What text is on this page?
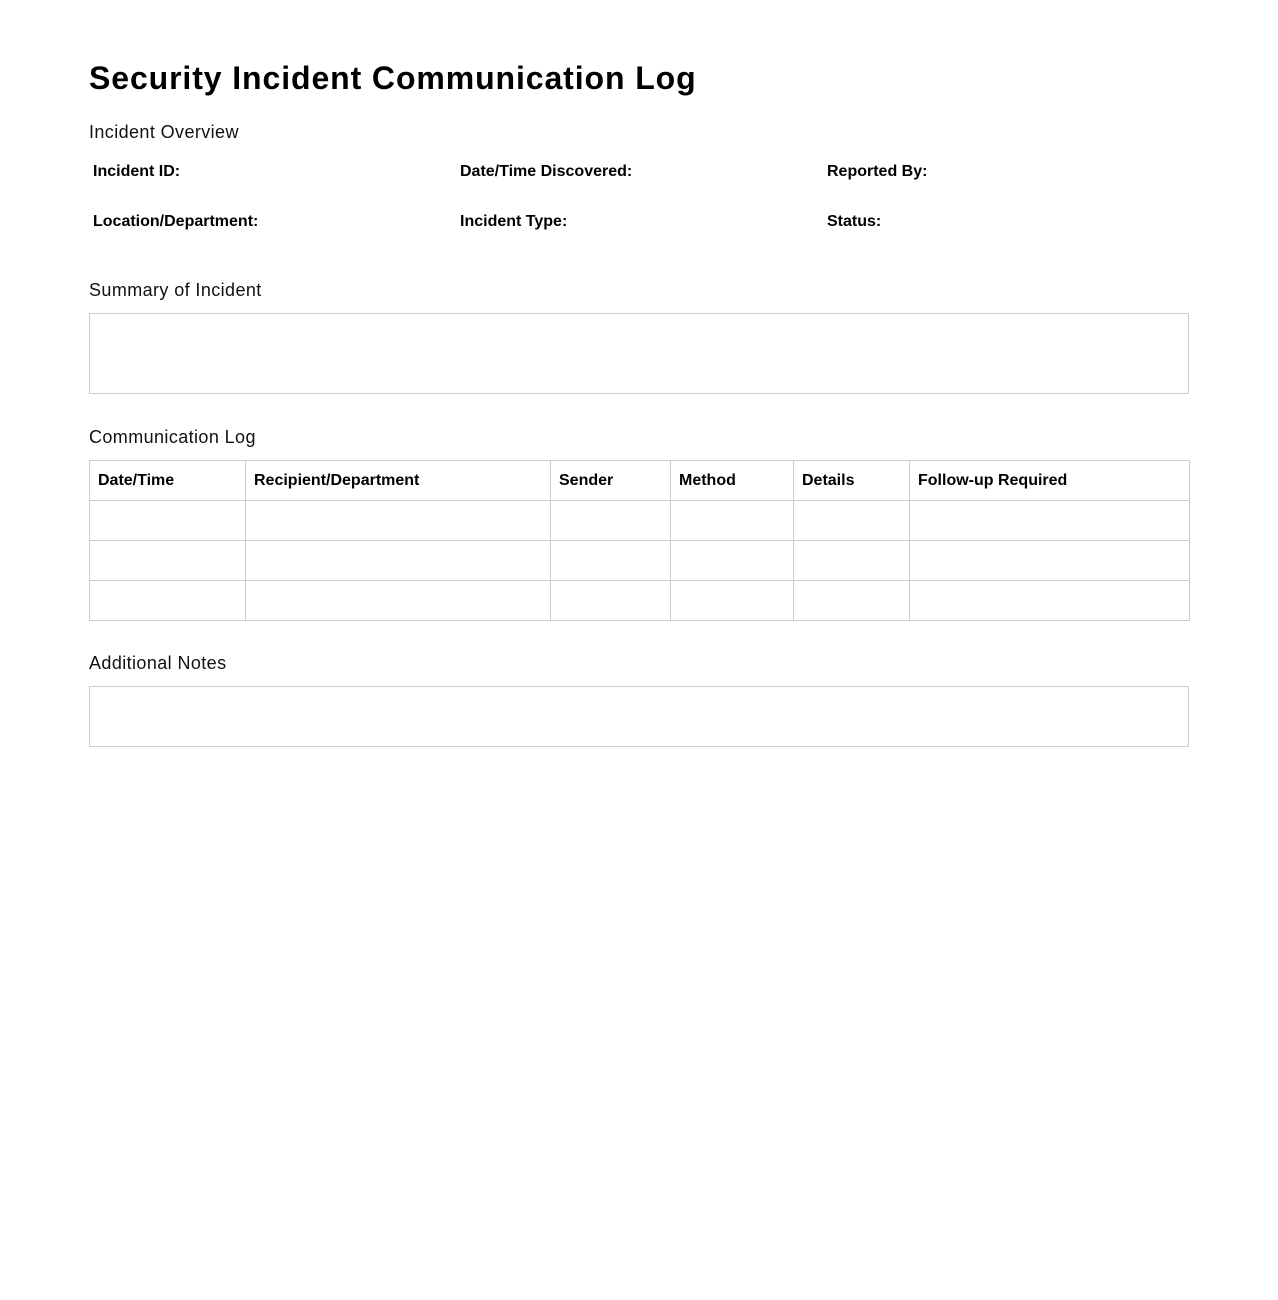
Security Incident Communication Log
Incident Overview
Incident ID:	Date/Time Discovered:	Reported By:
Location/Department:	Incident Type:	Status:
Summary of Incident
Communication Log
Date/Time	Recipient/Department	Sender	Method	Details	Follow-up Required

Additional Notes
